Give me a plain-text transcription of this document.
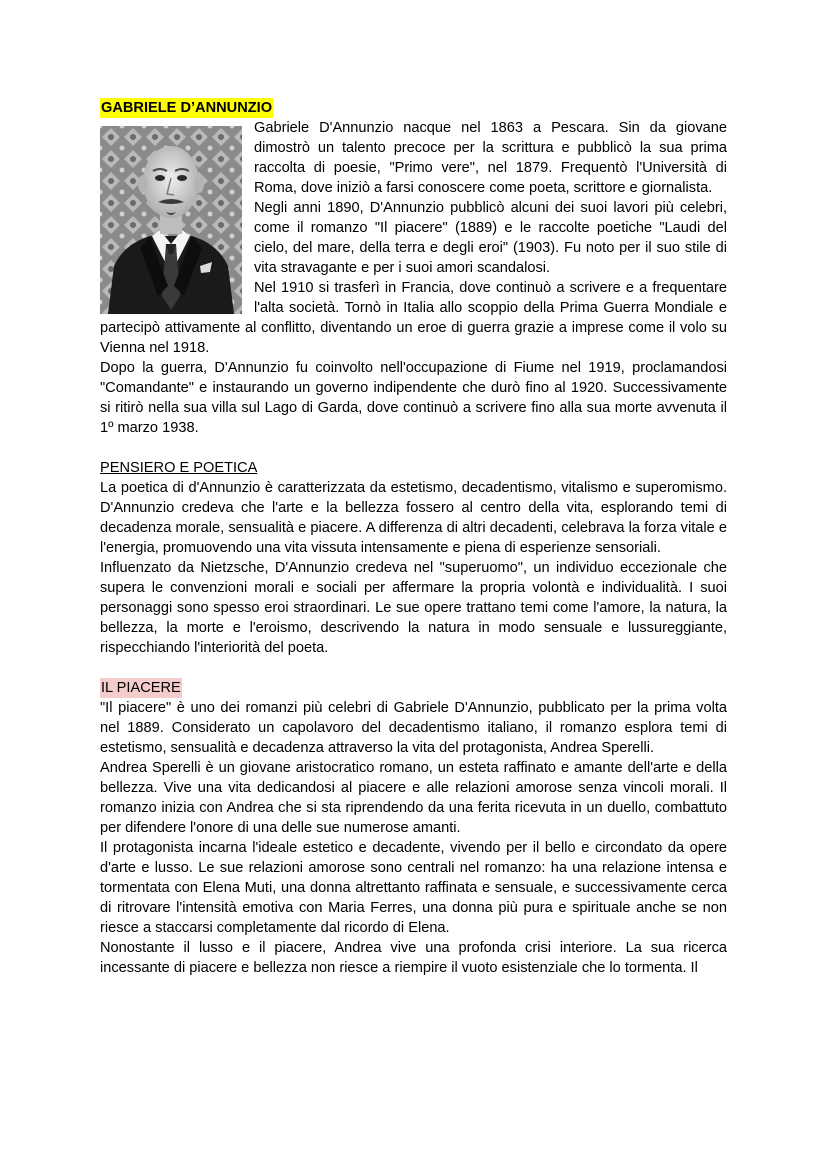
GABRIELE D’ANNUNZIO

Gabriele D'Annunzio nacque nel 1863 a Pescara. Sin da giovane dimostrò un talento precoce per la scrittura e pubblicò la sua prima raccolta di poesie, "Primo vere", nel 1879. Frequentò l'Università di Roma, dove iniziò a farsi conoscere come poeta, scrittore e giornalista.

Negli anni 1890, D'Annunzio pubblicò alcuni dei suoi lavori più celebri, come il romanzo "Il piacere" (1889) e le raccolte poetiche "Laudi del cielo, del mare, della terra e degli eroi" (1903). Fu noto per il suo stile di vita stravagante e per i suoi amori scandalosi.

Nel 1910 si trasferì in Francia, dove continuò a scrivere e a frequentare l'alta società. Tornò in Italia allo scoppio della Prima Guerra Mondiale e partecipò attivamente al conflitto, diventando un eroe di guerra grazie a imprese come il volo su Vienna nel 1918.

Dopo la guerra, D'Annunzio fu coinvolto nell'occupazione di Fiume nel 1919, proclamandosi "Comandante" e instaurando un governo indipendente che durò fino al 1920. Successivamente si ritirò nella sua villa sul Lago di Garda, dove continuò a scrivere fino alla sua morte avvenuta il 1º marzo 1938.

PENSIERO E POETICA

La poetica di d'Annunzio è caratterizzata da estetismo, decadentismo, vitalismo e superomismo. D'Annunzio credeva che l'arte e la bellezza fossero al centro della vita, esplorando temi di decadenza morale, sensualità e piacere. A differenza di altri decadenti, celebrava la forza vitale e l'energia, promuovendo una vita vissuta intensamente e piena di esperienze sensoriali.

Influenzato da Nietzsche, D'Annunzio credeva nel "superuomo", un individuo eccezionale che supera le convenzioni morali e sociali per affermare la propria volontà e individualità. I suoi personaggi sono spesso eroi straordinari. Le sue opere trattano temi come l'amore, la natura, la bellezza, la morte e l'eroismo, descrivendo la natura in modo sensuale e lussureggiante, rispecchiando l'interiorità del poeta.

IL PIACERE

"Il piacere" è uno dei romanzi più celebri di Gabriele D'Annunzio, pubblicato per la prima volta nel 1889. Considerato un capolavoro del decadentismo italiano, il romanzo esplora temi di estetismo, sensualità e decadenza attraverso la vita del protagonista, Andrea Sperelli.

Andrea Sperelli è un giovane aristocratico romano, un esteta raffinato e amante dell'arte e della bellezza. Vive una vita dedicandosi al piacere e alle relazioni amorose senza vincoli morali. Il romanzo inizia con Andrea che si sta riprendendo da una ferita ricevuta in un duello, combattuto per difendere l'onore di una delle sue numerose amanti.

Il protagonista incarna l'ideale estetico e decadente, vivendo per il bello e circondato da opere d'arte e lusso. Le sue relazioni amorose sono centrali nel romanzo: ha una relazione intensa e tormentata con Elena Muti, una donna altrettanto raffinata e sensuale, e successivamente cerca di ritrovare l'intensità emotiva con Maria Ferres, una donna più pura e spirituale anche se non riesce a staccarsi completamente dal ricordo di Elena.

Nonostante il lusso e il piacere, Andrea vive una profonda crisi interiore. La sua ricerca incessante di piacere e bellezza non riesce a riempire il vuoto esistenziale che lo tormenta. Il
